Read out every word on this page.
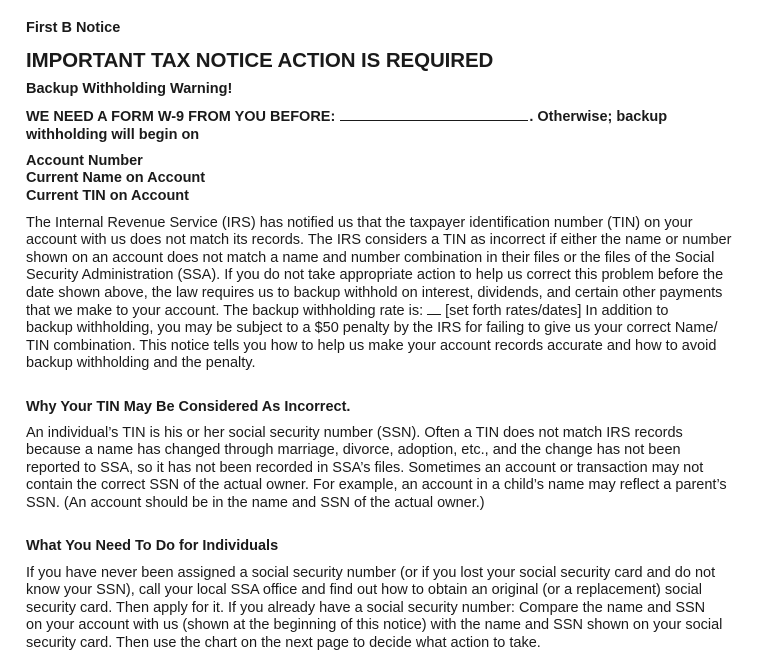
First B Notice
IMPORTANT TAX NOTICE ACTION IS REQUIRED
Backup Withholding Warning!
WE NEED A FORM W-9 FROM YOU BEFORE:	. Otherwise; backup
withholding will begin on
Account Number
Current Name on Account
Current TIN on Account
The Internal Revenue Service (IRS) has notified us that the taxpayer identification number (TIN) on your
account with us does not match its records. The IRS considers a TIN as incorrect if either the name or number
shown on an account does not match a name and number combination in their files or the files of the Social
Security Administration (SSA). If you do not take appropriate action to help us correct this problem before the
date shown above, the law requires us to backup withhold on interest, dividends, and certain other payments
that we make to your account. The backup withholding rate is:  [set forth rates/dates] In addition to
backup withholding, you may be subject to a $50 penalty by the IRS for failing to give us your correct Name/
TIN combination. This notice tells you how to help us make your account records accurate and how to avoid
backup withholding and the penalty.
Why Your TIN May Be Considered As Incorrect.
An individual’s TIN is his or her social security number (SSN). Often a TIN does not match IRS records
because a name has changed through marriage, divorce, adoption, etc., and the change has not been
reported to SSA, so it has not been recorded in SSA’s files. Sometimes an account or transaction may not
contain the correct SSN of the actual owner. For example, an account in a child’s name may reflect a parent’s
SSN. (An account should be in the name and SSN of the actual owner.)
What You Need To Do for Individuals
If you have never been assigned a social security number (or if you lost your social security card and do not
know your SSN), call your local SSA office and find out how to obtain an original (or a replacement) social
security card. Then apply for it. If you already have a social security number: Compare the name and SSN
on your account with us (shown at the beginning of this notice) with the name and SSN shown on your social
security card. Then use the chart on the next page to decide what action to take.
